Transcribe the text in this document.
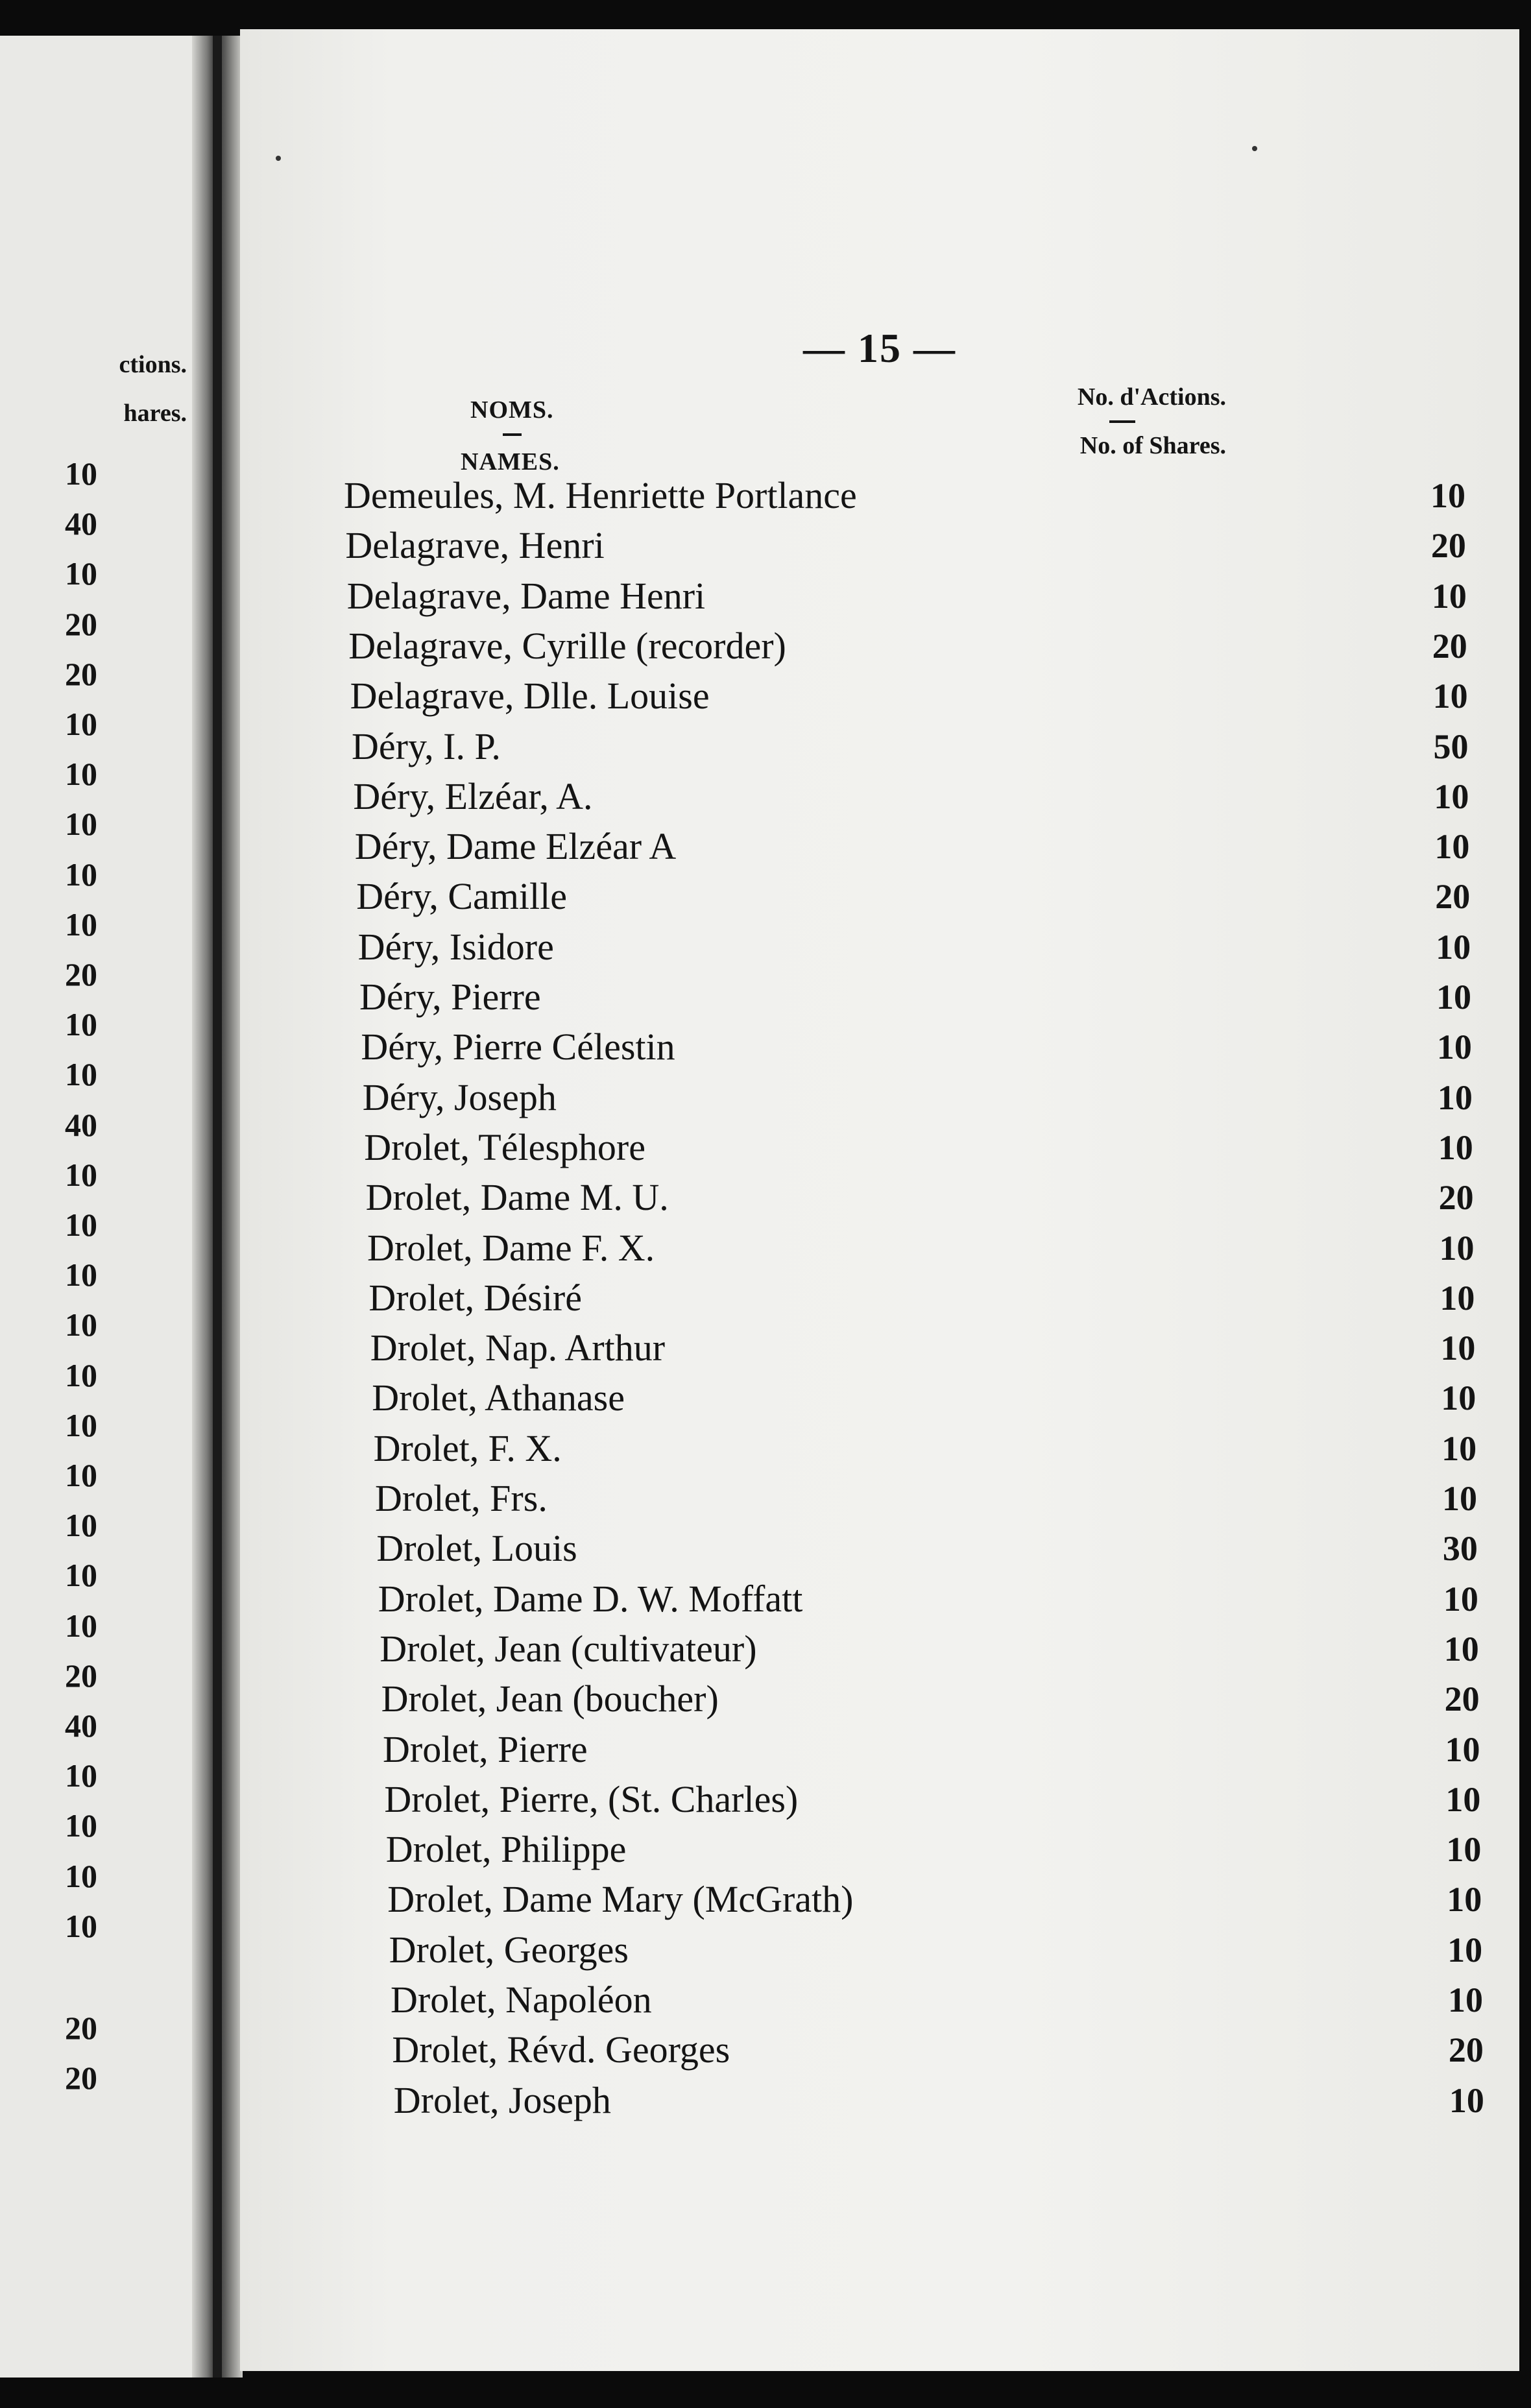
ctions.
hares.
10
40
10
20
20
10
10
10
10
10
20
10
10
40
10
10
10
10
10
10
10
10
10
10
20
40
10
10
10
10
20
20
— 15 —
NOMS.
NAMES.
No. d'Actions.
No. of Shares.
Demeules, M. Henriette Portlance	10
Delagrave, Henri	20
Delagrave, Dame Henri	10
Delagrave, Cyrille (recorder)	20
Delagrave, Dlle. Louise	10
Déry, I. P.	50
Déry, Elzéar, A.	10
Déry, Dame Elzéar A	10
Déry, Camille	20
Déry, Isidore	10
Déry, Pierre	10
Déry, Pierre Célestin	10
Déry, Joseph	10
Drolet, Télesphore	10
Drolet, Dame M. U.	20
Drolet, Dame F. X.	10
Drolet, Désiré	10
Drolet, Nap. Arthur	10
Drolet, Athanase	10
Drolet, F. X.	10
Drolet, Frs.	10
Drolet, Louis	30
Drolet, Dame D. W. Moffatt	10
Drolet, Jean (cultivateur)	10
Drolet, Jean (boucher)	20
Drolet, Pierre	10
Drolet, Pierre, (St. Charles)	10
Drolet, Philippe	10
Drolet, Dame Mary (McGrath)	10
Drolet, Georges	10
Drolet, Napoléon	10
Drolet, Révd. Georges	20
Drolet, Joseph	10
